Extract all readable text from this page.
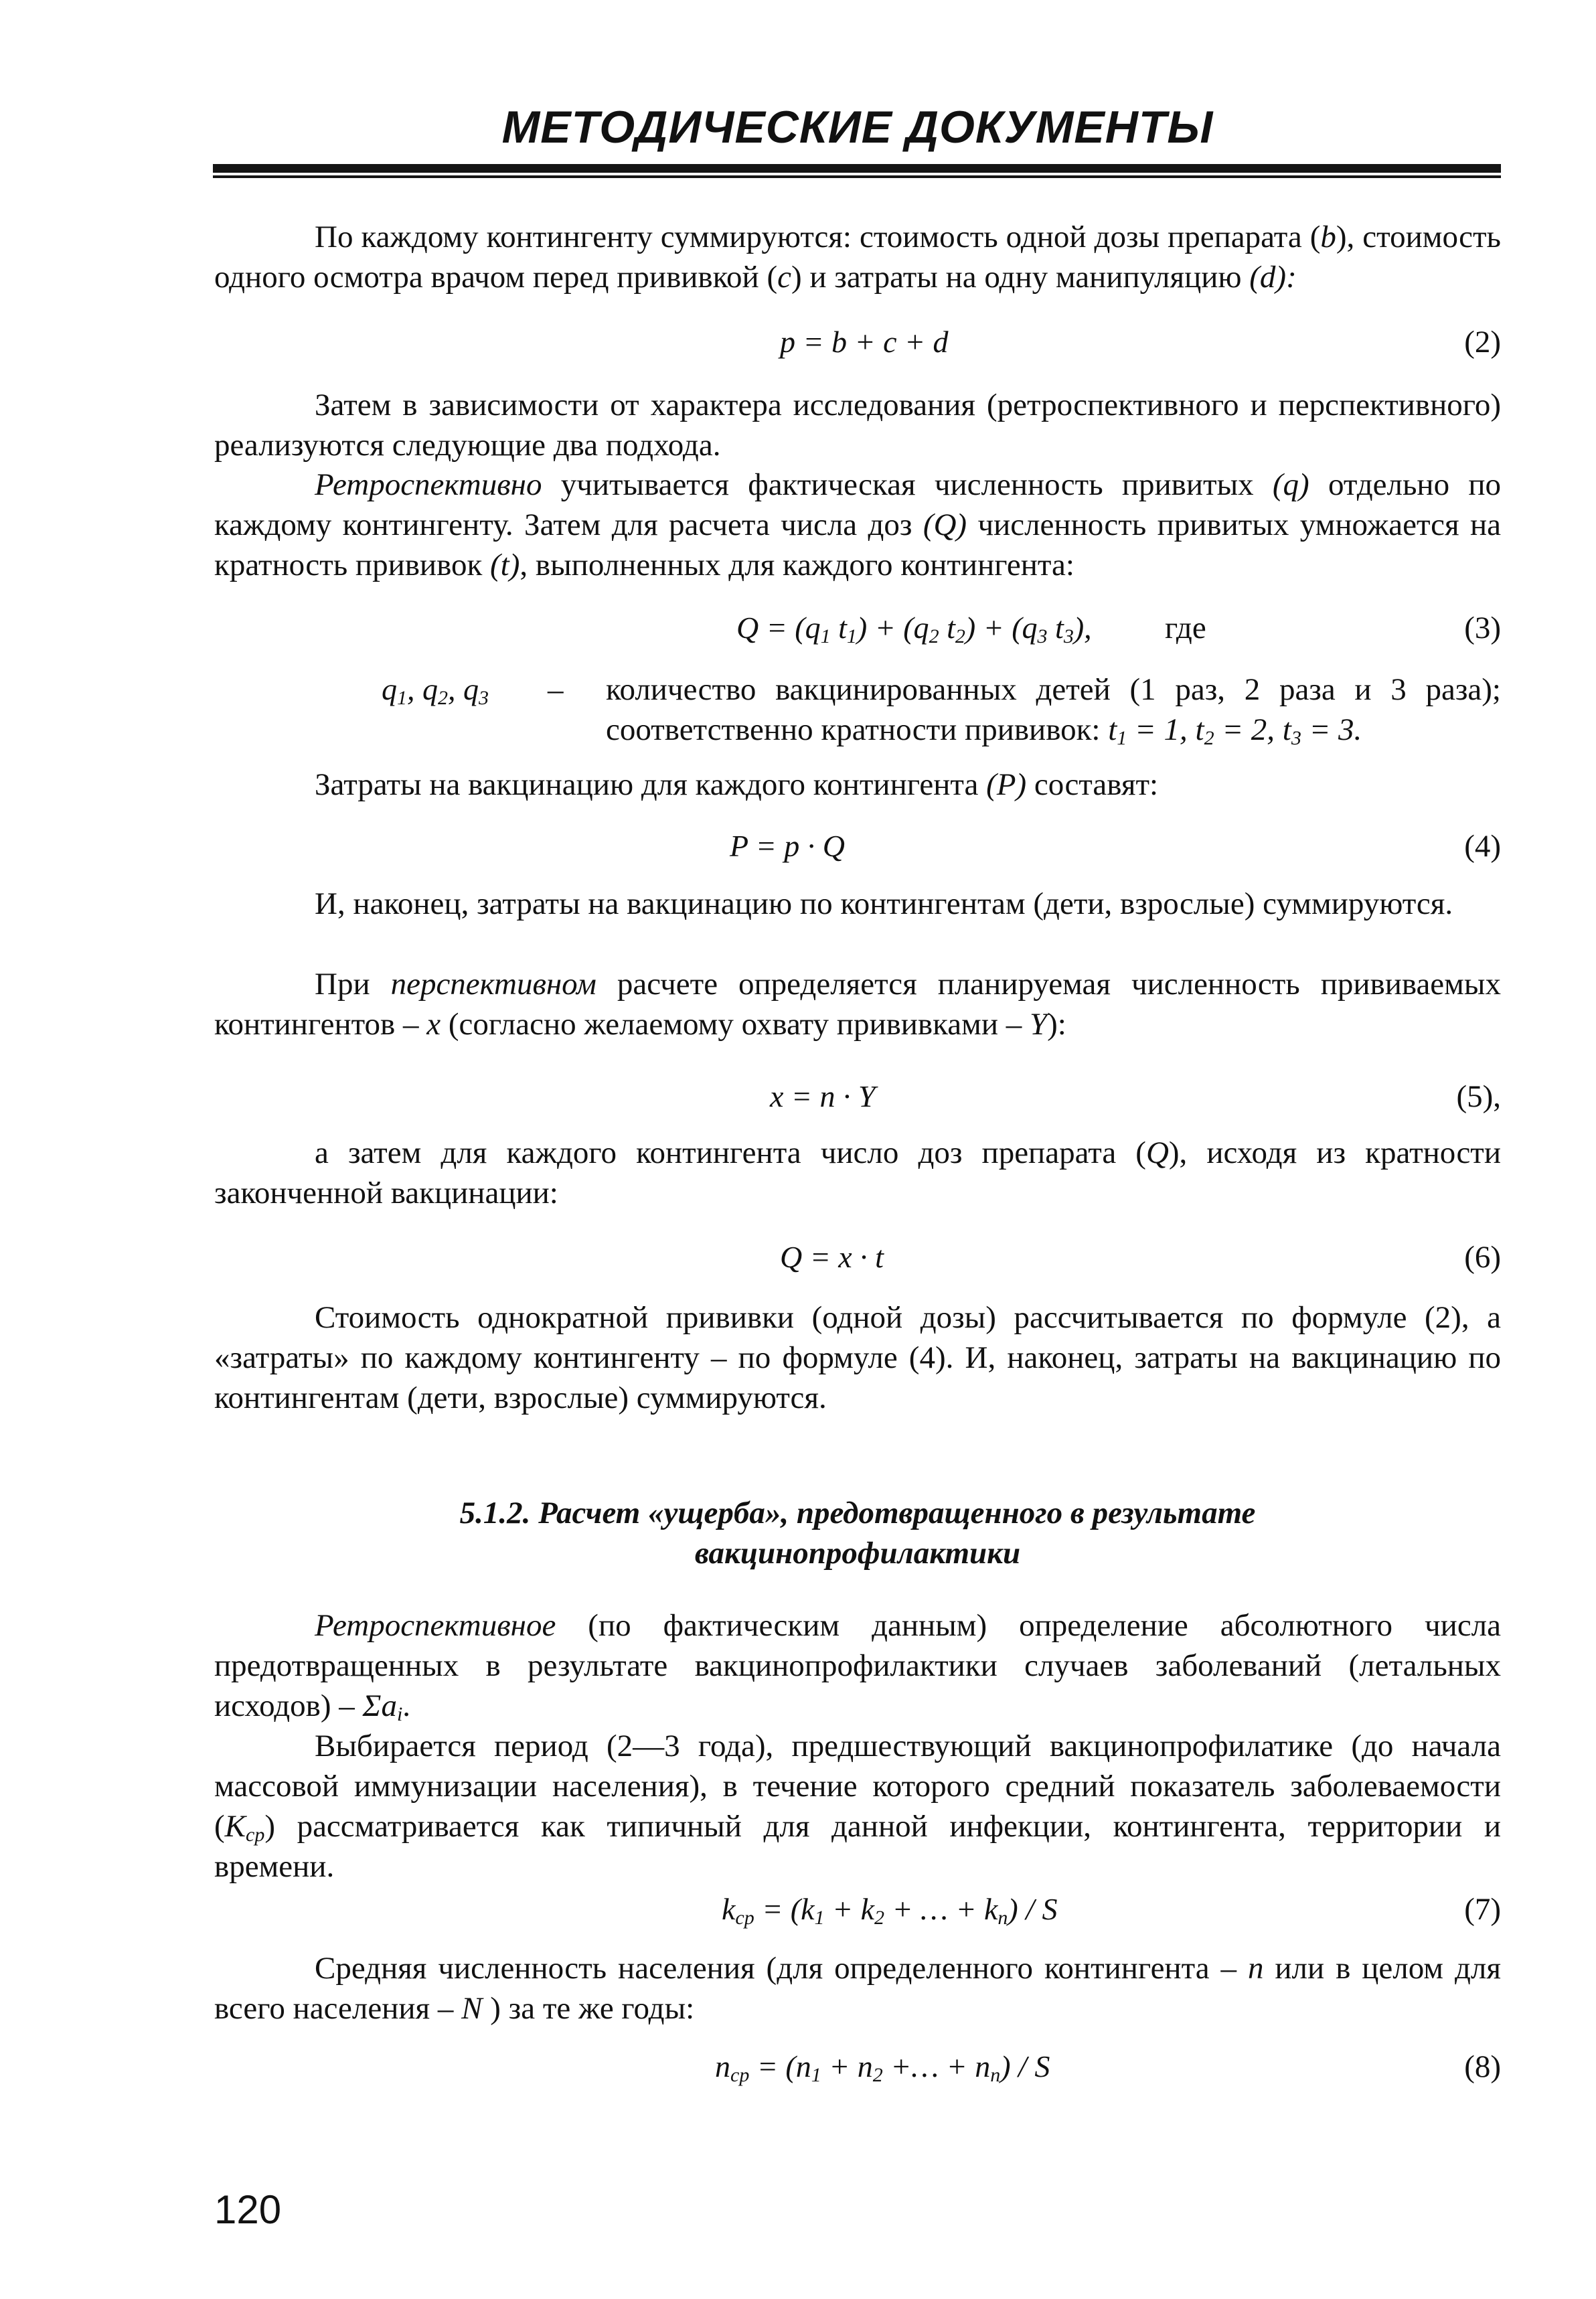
МЕТОДИЧЕСКИЕ ДОКУМЕНТЫ
По каждому контингенту суммируются: стоимость одной дозы препарата (b), стоимость одного осмотра врачом перед прививкой (c) и затраты на одну манипуляцию (d):
p = b + c + d	(2)
Затем в зависимости от характера исследования (ретроспективного и перспективного) реализуются следующие два подхода.
Ретроспективно учитывается фактическая численность привитых (q) отдельно по каждому контингенту. Затем для расчета числа доз (Q) численность привитых умножается на кратность прививок (t), выполненных для каждого контингента:
$Q = (q_1$ $t_1) + (q_2$ $t_2) + (q_3$ $t_3$), где	(3)
$q_1$, $q_2$, $q_3$ – количество вакцинированных детей (1 раз, 2 раза и 3 раза);
соответственно кратности прививок: $t_1 = 1$, $t_2 = 2$, $t_3 = 3$.
Затраты на вакцинацию для каждого контингента (P) составят:
P = p · Q	(4)
И, наконец, затраты на вакцинацию по контингентам (дети, взрослые) суммируются.
При перспективном расчете определяется планируемая численность прививаемых контингентов – x (согласно желаемому охвату прививками – Y):
x = n · Y	(5),
а затем для каждого контингента число доз препарата (Q), исходя из кратности законченной вакцинации:
Q = x · t	(6)
Стоимость однократной прививки (одной дозы) рассчитывается по формуле (2), а «затраты» по каждому контингенту – по формуле (4). И, наконец, затраты на вакцинацию по контингентам (дети, взрослые) суммируются.
5.1.2. Расчет «ущерба», предотвращенного в результате
вакцинопрофилактики
Ретроспективное (по фактическим данным) определение абсолютного числа предотвращенных в результате вакцинопрофилактики случаев заболеваний (летальных исходов) – $\Sigma a_i$.
Выбирается период (2—3 года), предшествующий вакцинопрофилатике (до начала массовой иммунизации населения), в течение которого средний показатель заболеваемости $(K_{ср})$ рассматривается как типичный для данной инфекции, контингента, территории и времени.
$k_{ср} = (k_1 + k_2$ + … + $k_n$) / S	(7)
Средняя численность населения (для определенного контингента – n или в целом для всего населения – N ) за те же годы:
$n_{ср} = (n_1 + n_2$ +… + $n_n$) / S	(8)
120
